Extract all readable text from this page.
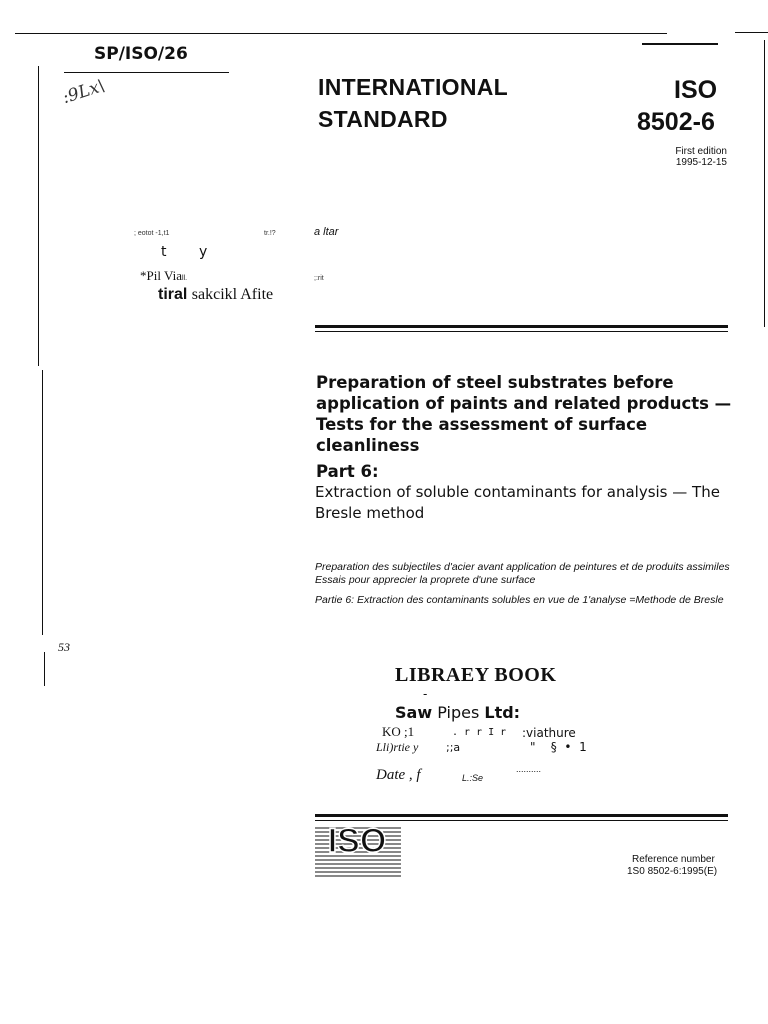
SP/ISO/26
:9Lx\
53
INTERNATIONAL
STANDARD
ISO
8502-6
First edition
1995-12-15
; eotot -1,t1	tr.!?	a ltar
t y
*Pil Viall.	;:rit
tiral sakcikl Afite
Preparation of steel substrates before application of paints and related products — Tests for the assessment of surface cleanliness
Part 6:
Extraction of soluble contaminants for analysis — The Bresle method
Preparation des subjectiles d'acier avant application de peintures et de produits assimiles Essais pour apprecier la proprete d'une surface
Partie 6: Extraction des contaminants solubles en vue de 1'analyse =Methode de Bresle
LIBRAEY BOOK
-
Saw Pipes Ltd:
KO ;1	. r r I r :viathure
Lli)rtie y	;;a	"    §  •  1
Date , f	L.:Se
..........
ISO	Reference number
1S0 8502-6:1995(E)
